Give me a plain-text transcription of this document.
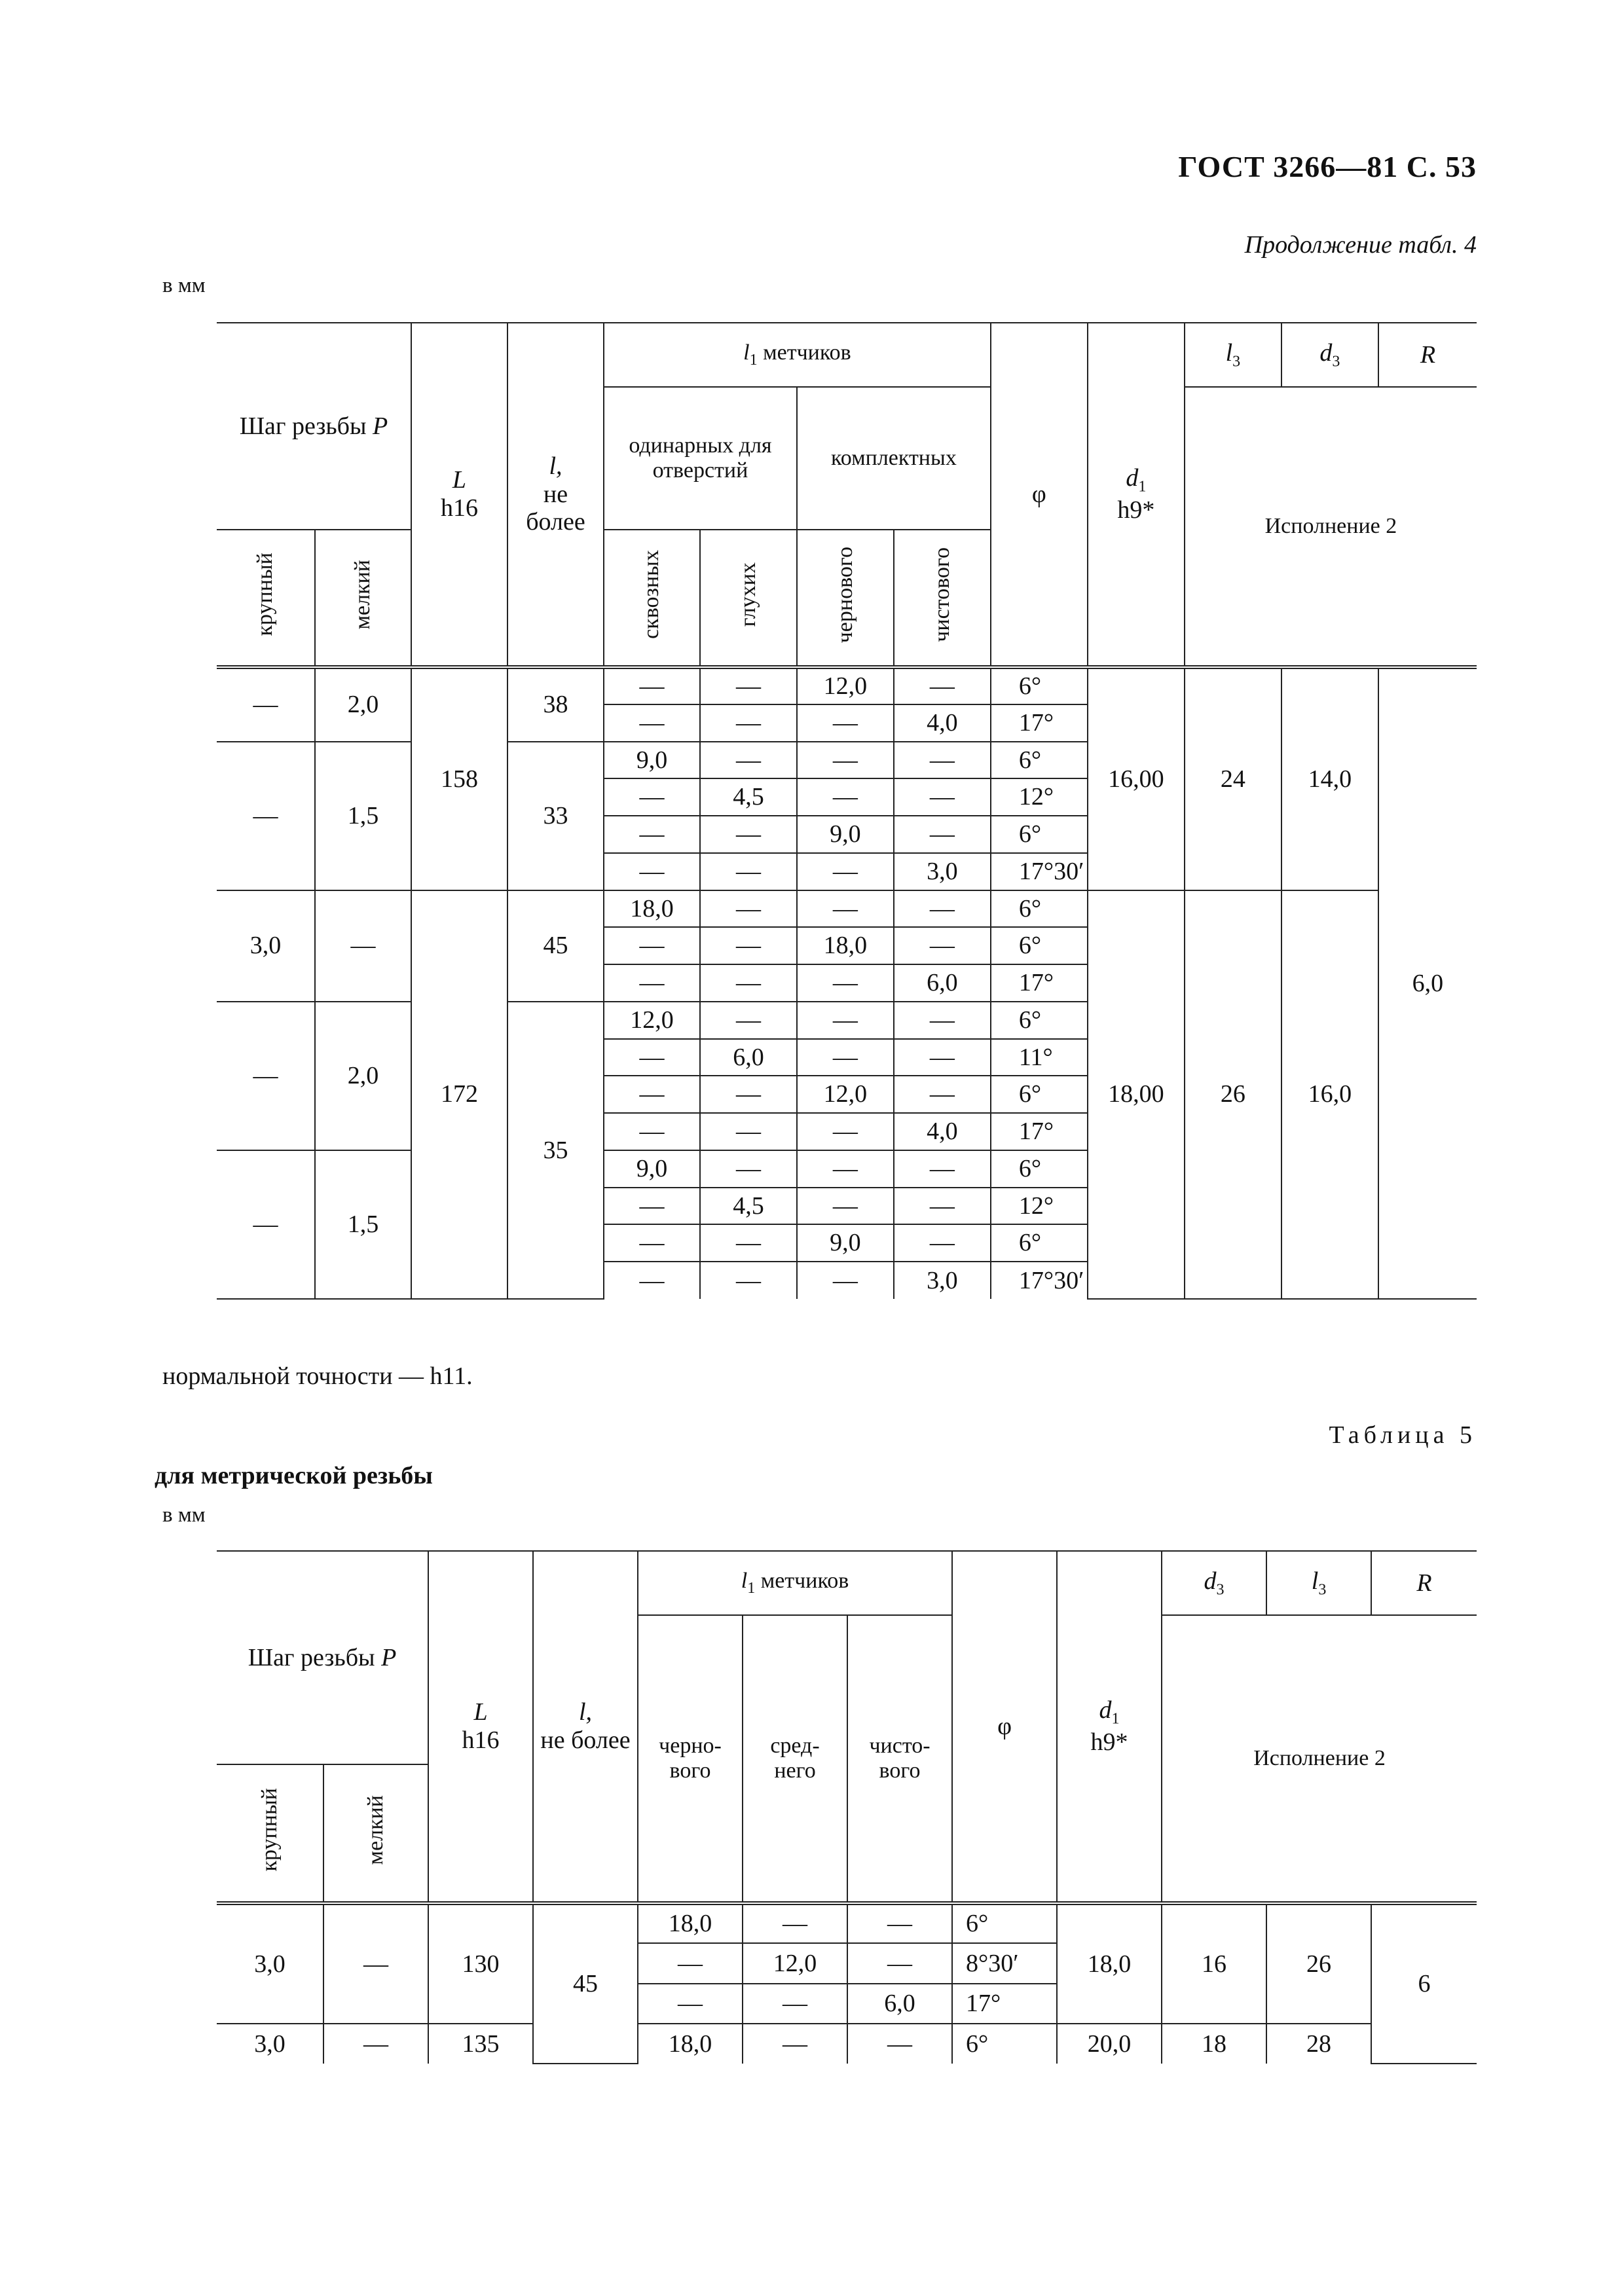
ГОСТ 3266—81 С. 53
Продолжение табл. 4
в мм
Шаг резьбы P		L
h16	l,
не более	$l_1$ метчиков				φ	$d_1$
h9*	$l_3$	$d_3$	R
				одинарных для отверстий		комплектных				Исполнение 2		

крупный	мелкий			сквозных	глухих	чернового	чистового					
—	2,0	158	38	—	—	12,0	—	6°	16,00	24	14,0	6,0
				—	—	—	4,0	17°				
—	1,5		33	9,0	—	—	—	6°				
				—	4,5	—	—	12°				
				—	—	9,0	—	6°				
				—	—	—	3,0	17°30′				
3,0	—	172	45	18,0	—	—	—	6°	18,00	26	16,0	
				—	—	18,0	—	6°				
				—	—	—	6,0	17°				
—	2,0		35	12,0	—	—	—	6°				
				—	6,0	—	—	11°				
				—	—	12,0	—	6°				
				—	—	—	4,0	17°				
—	1,5			9,0	—	—	—	6°				
				—	4,5	—	—	12°				
				—	—	9,0	—	6°				
				—	—	—	3,0	17°30′				
нормальной точности — h11.
Таблица 5
для метрической резьбы
в мм
Шаг резьбы P		L
h16	l,
не более	$l_1$ метчиков			φ	$d_1$
h9*	$d_3$	$l_3$	R
				черно-вого	сред-него	чисто-вого			Исполнение 2		
крупный	мелкий										
3,0	—	130	45	18,0	—	—	6°	18,0	16	26	6
				—	12,0	—	8°30′				
				—	—	6,0	17°				
3,0	—	135		18,0	—	—	6°	20,0	18	28	
